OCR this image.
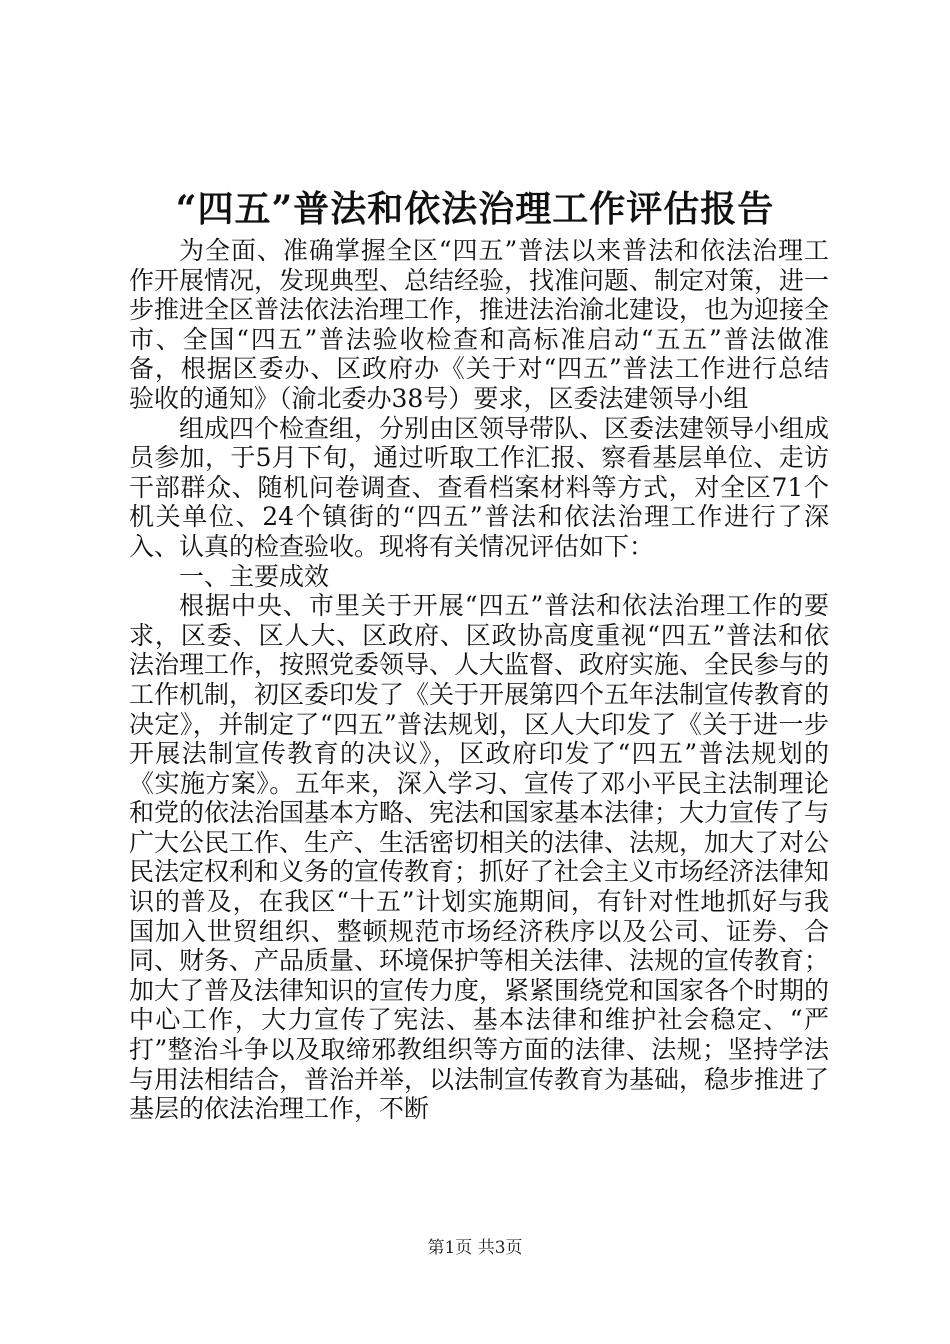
“四五”普法和依法治理工作评估报告

为全面、准确掌握全区“四五”普法以来普法和依法治理工作开展情况，发现典型、总结经验，找准问题、制定对策，进一步推进全区普法依法治理工作，推进法治渝北建设，也为迎接全市、全国“四五”普法验收检查和高标准启动“五五”普法做准备，根据区委办、区政府办《关于对“四五”普法工作进行总结验收的通知》（渝北委办38号）要求，区委法建领导小组

组成四个检查组，分别由区领导带队、区委法建领导小组成员参加，于5月下旬，通过听取工作汇报、察看基层单位、走访干部群众、随机问卷调查、查看档案材料等方式，对全区71个机关单位、24个镇街的“四五”普法和依法治理工作进行了深入、认真的检查验收。现将有关情况评估如下：

一、主要成效

根据中央、市里关于开展“四五”普法和依法治理工作的要求，区委、区人大、区政府、区政协高度重视“四五”普法和依法治理工作，按照党委领导、人大监督、政府实施、全民参与的工作机制，初区委印发了《关于开展第四个五年法制宣传教育的决定》，并制定了“四五”普法规划，区人大印发了《关于进一步开展法制宣传教育的决议》，区政府印发了“四五”普法规划的《实施方案》。五年来，深入学习、宣传了邓小平民主法制理论和党的依法治国基本方略、宪法和国家基本法律；大力宣传了与广大公民工作、生产、生活密切相关的法律、法规，加大了对公民法定权利和义务的宣传教育；抓好了社会主义市场经济法律知识的普及，在我区“十五”计划实施期间，有针对性地抓好与我国加入世贸组织、整顿规范市场经济秩序以及公司、证券、合同、财务、产品质量、环境保护等相关法律、法规的宣传教育；加大了普及法律知识的宣传力度，紧紧围绕党和国家各个时期的中心工作，大力宣传了宪法、基本法律和维护社会稳定、“严打”整治斗争以及取缔邪教组织等方面的法律、法规；坚持学法与用法相结合，普治并举，以法制宣传教育为基础，稳步推进了基层的依法治理工作，不断

第1页 共3页
